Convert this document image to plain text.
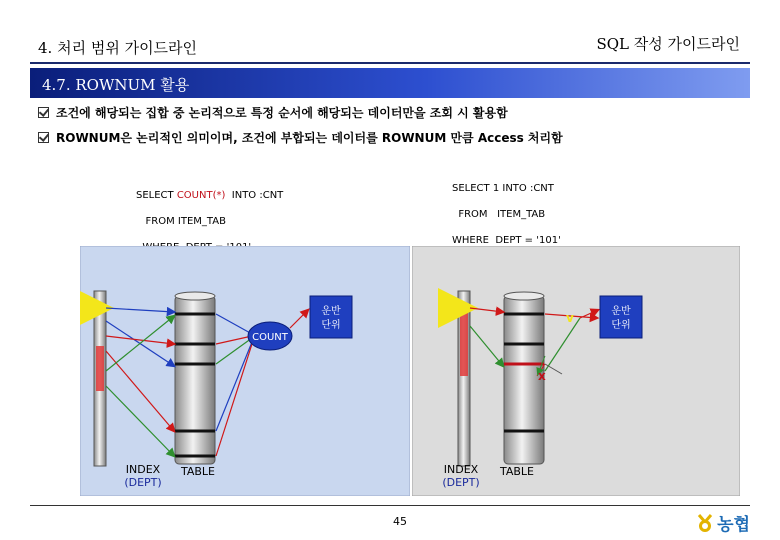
4. 처리 범위 가이드라인	SQL 작성 가이드라인
4.7. ROWNUM 활용
조건에 해당되는 집합 중 논리적으로 특정 순서에 해당되는 데이터만을 조회 시 활용함
ROWNUM은 논리적인 의미이며, 조건에 부합되는 데이터를 ROWNUM 만큼 Access 처리함

SELECT COUNT(*)  INTO :CNT

FROM ITEM_TAB

SELECT 1 INTO :CNT

FROM   ITEM_TAB

WHERE  DEPT = '101'

COUNT
운반
단위
v
x
운반
단위
INDEX
(DEPT)
TABLE	INDEX
(DEPT)
TABLE
45	농협
